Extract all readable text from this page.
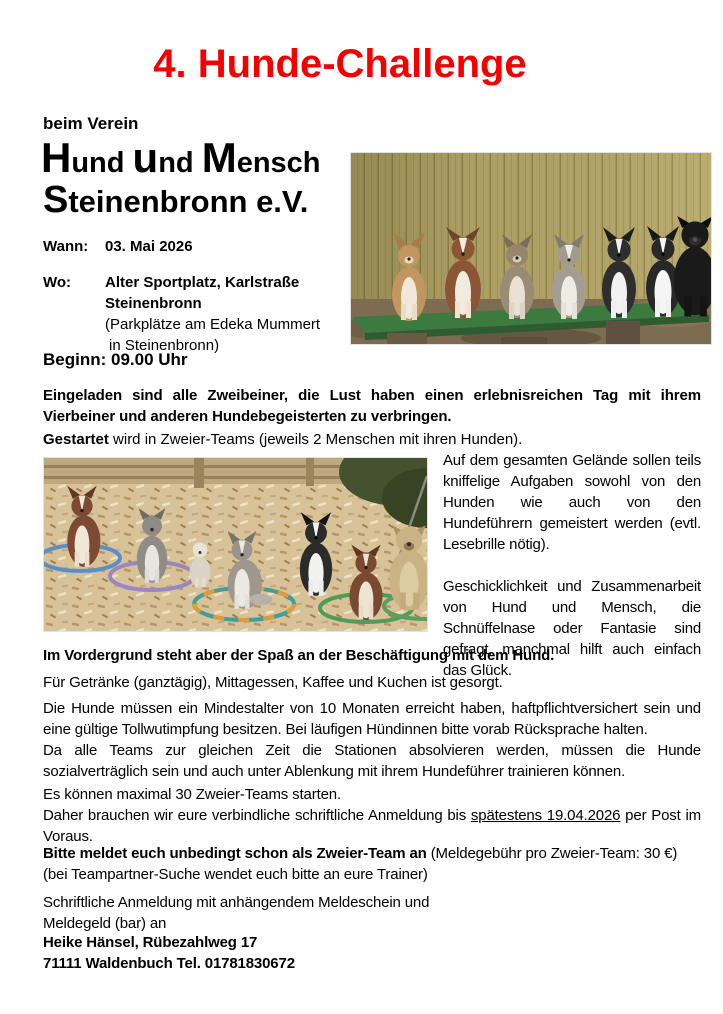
4. Hunde-Challenge
beim Verein
Hund und Mensch
Steinenbronn e.V.
Wann: 03. Mai 2026
Wo: Alter Sportplatz, Karlstraße
Steinenbronn
(Parkplätze am Edeka Mummert
in Steinenbronn)
Beginn: 09.00 Uhr

Eingeladen sind alle Zweibeiner, die Lust haben einen erlebnisreichen Tag mit ihrem Vierbeiner und anderen Hundebegeisterten zu verbringen.

Gestartet wird in Zweier-Teams (jeweils 2 Menschen mit ihren Hunden).

Auf dem gesamten Gelände sollen teils kniffelige Aufgaben sowohl von den Hunden wie auch von den Hundeführern gemeistert werden (evtl. Lesebrille nötig).

Geschicklichkeit und Zusammenarbeit von Hund und Mensch, die Schnüffelnase oder Fantasie sind gefragt, manchmal hilft auch einfach das Glück.

Im Vordergrund steht aber der Spaß an der Beschäftigung mit dem Hund.

Für Getränke (ganztägig), Mittagessen, Kaffee und Kuchen ist gesorgt.

Die Hunde müssen ein Mindestalter von 10 Monaten erreicht haben, haftpflichtversichert sein und eine gültige Tollwutimpfung besitzen. Bei läufigen Hündinnen bitte vorab Rücksprache halten.
Da alle Teams zur gleichen Zeit die Stationen absolvieren werden, müssen die Hunde sozialverträglich sein und auch unter Ablenkung mit ihrem Hundeführer trainieren können.
Es können maximal 30 Zweier-Teams starten.
Daher brauchen wir eure verbindliche schriftliche Anmeldung bis spätestens 19.04.2026 per Post im Voraus.
Bitte meldet euch unbedingt schon als Zweier-Team an (Meldegebühr pro Zweier-Team: 30 €)
(bei Teampartner-Suche wendet euch bitte an eure Trainer)
Schriftliche Anmeldung mit anhängendem Meldeschein und
Meldegeld (bar) an
Heike Hänsel, Rübezahlweg 17
71111 Waldenbuch Tel. 01781830672
